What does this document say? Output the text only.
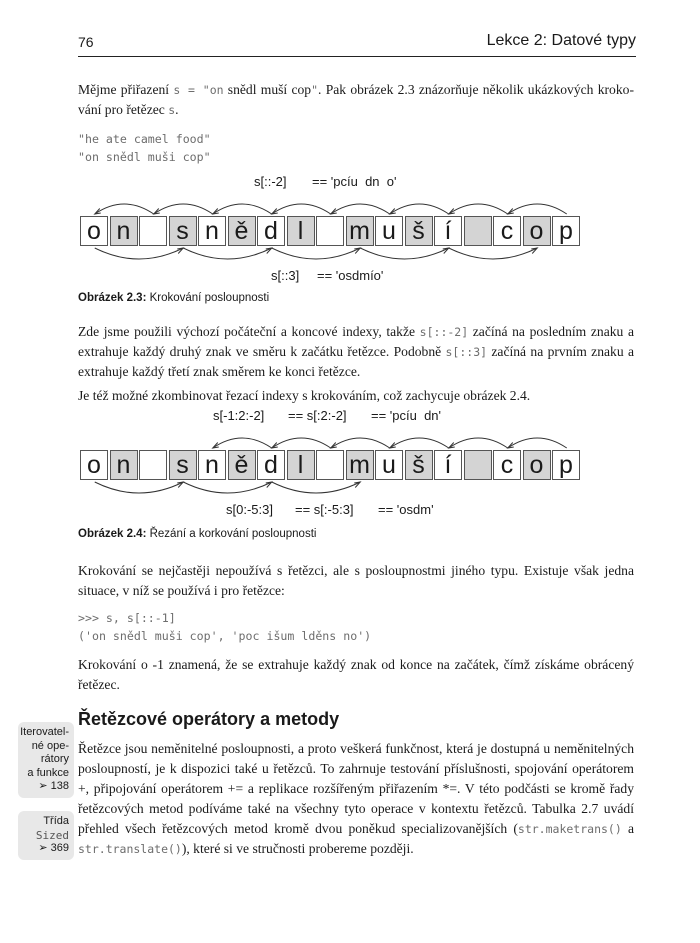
76	Lekce 2: Datové typy
Mějme přiřazení s = "on snědl muší cop". Pak obrázek 2.3 znázorňuje několik ukázkových kroko-vání pro řetězec s.
"he ate camel food"
"on snědl muši cop"
s[::-2] == 'pcíu  dn  o'
o n	s n ě d l	m u š í	c o p
s[::3] == 'osdmío'
Obrázek 2.3: Krokování posloupnosti
Zde jsme použili výchozí počáteční a koncové indexy, takže s[::-2] začíná na posledním znaku a extrahuje každý druhý znak ve směru k začátku řetězce. Podobně s[::3] začíná na prvním znaku a extrahuje každý třetí znak směrem ke konci řetězce.
Je též možné zkombinovat řezací indexy s krokováním, což zachycuje obrázek 2.4.
s[-1:2:-2] == s[:2:-2] == 'pcíu  dn'
o n	s n ě d l	m u š í	c o p
s[0:-5:3] == s[:-5:3] == 'osdm'
Obrázek 2.4: Řezání a korkování posloupnosti
Krokování se nejčastěji nepoužívá s řetězci, ale s posloupnostmi jiného typu. Existuje však jedna situace, v níž se používá i pro řetězce:
>>> s, s[::-1]
('on snědl muši cop', 'poc išum lděns no')
Krokování o -1 znamená, že se extrahuje každý znak od konce na začátek, čímž získáme obrácený řetězec.
Řetězcové operátory a metody
Řetězce jsou neměnitelné posloupnosti, a proto veškerá funkčnost, která je dostupná u neměnitelných posloupností, je k dispozici také u řetězců. To zahrnuje testování příslušnosti, spojování operátorem +, připojování operátorem += a replikace rozšířeným přiřazením *=. V této podčásti se kromě řady řetězcových metod podíváme také na všechny tyto operace v kontextu řetězců. Tabulka 2.7 uvádí přehled všech řetězcových metod kromě dvou poněkud specializovanějších (str.maketrans() a str.translate()), které si ve stručnosti probereme později.
Iterovatel-
né ope-
rátory
a funkce
➢ 138
Třída
Sized
➢ 369
